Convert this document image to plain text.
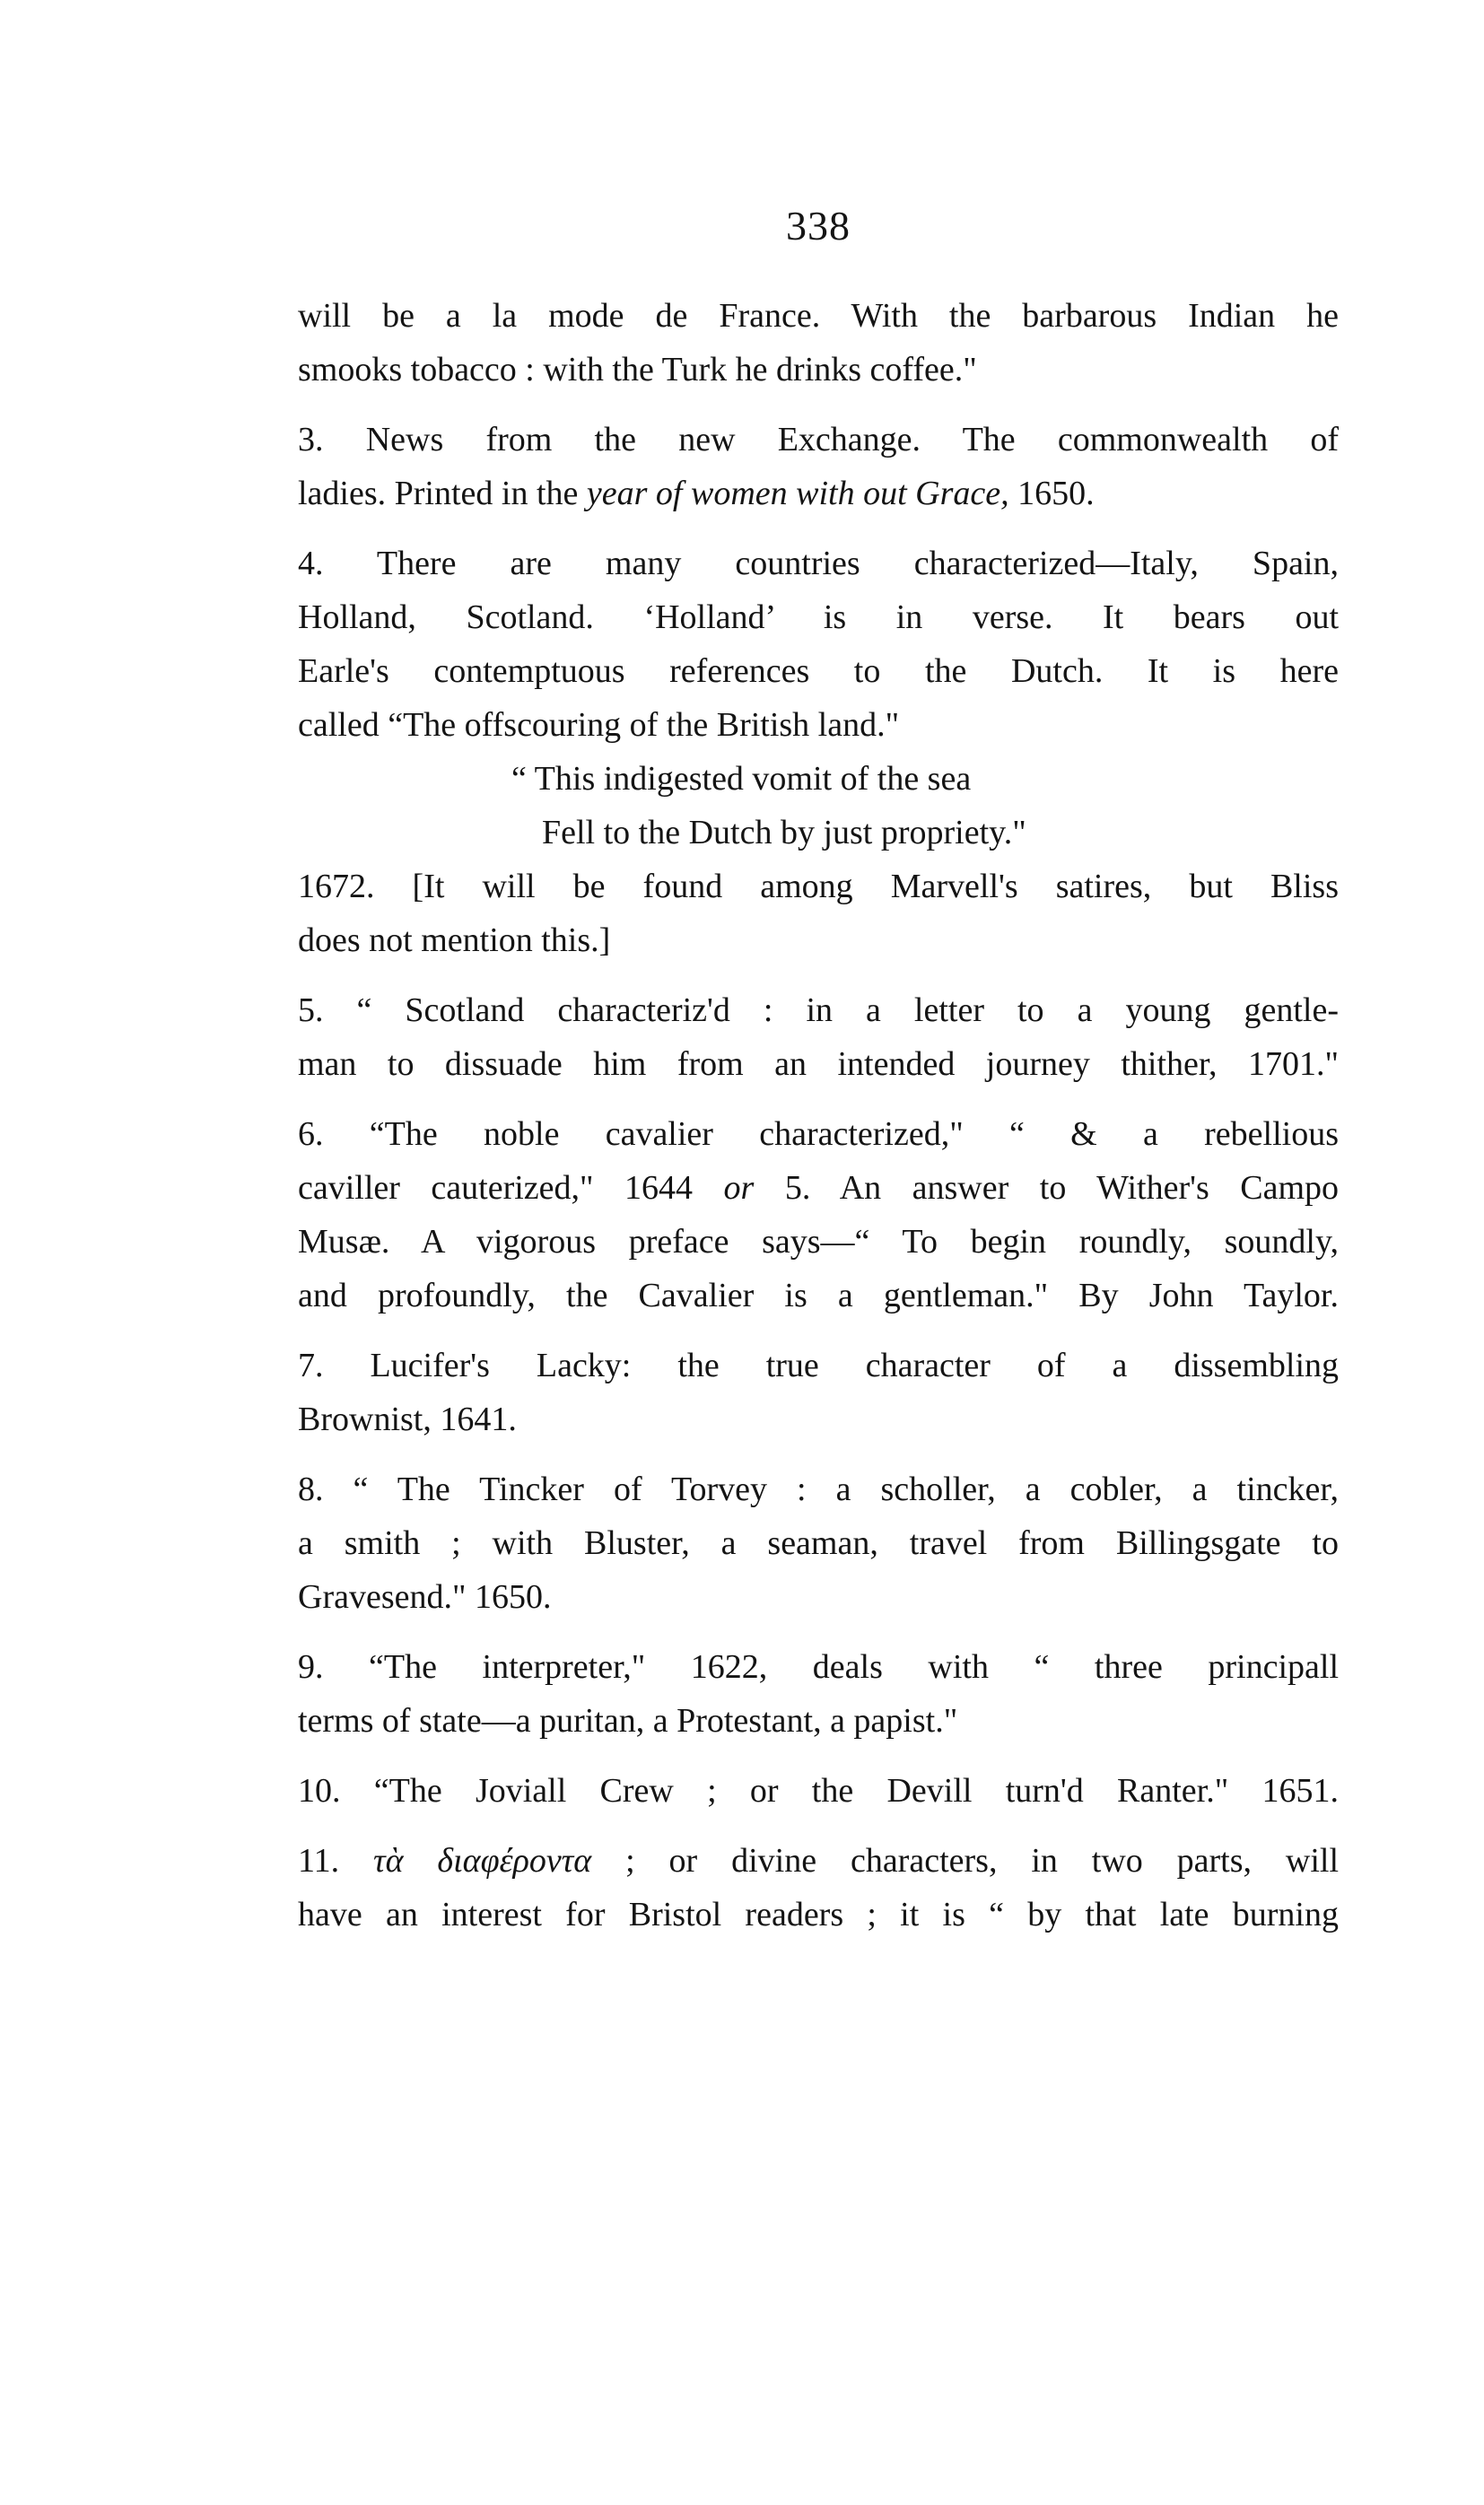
338
will be a la mode de France. With the barbarous Indian he
smooks tobacco : with the Turk he drinks coffee."
3. News from the new Exchange. The commonwealth of
ladies. Printed in the year of women with out Grace, 1650.
4. There are many countries characterized—Italy, Spain,
Holland, Scotland. ‘Holland’ is in verse. It bears out
Earle's contemptuous references to the Dutch. It is here
called “The offscouring of the British land."
“ This indigested vomit of the sea
Fell to the Dutch by just propriety."
1672. [It will be found among Marvell's satires, but Bliss
does not mention this.]
5. “ Scotland characteriz'd : in a letter to a young gentle-
man to dissuade him from an intended journey thither, 1701."
6. “The noble cavalier characterized," “ & a rebellious
caviller cauterized," 1644 or 5. An answer to Wither's Campo
Musæ. A vigorous preface says—“ To begin roundly, soundly,
and profoundly, the Cavalier is a gentleman." By John Taylor.
7. Lucifer's Lacky: the true character of a dissembling
Brownist, 1641.
8. “ The Tincker of Torvey : a scholler, a cobler, a tincker,
a smith ; with Bluster, a seaman, travel from Billingsgate to
Gravesend." 1650.
9. “The interpreter," 1622, deals with “ three principall
terms of state—a puritan, a Protestant, a papist."
10. “The Joviall Crew ; or the Devill turn'd Ranter." 1651.
11. τὰ διαφέροντα ; or divine characters, in two parts, will
have an interest for Bristol readers ; it is “ by that late burning
